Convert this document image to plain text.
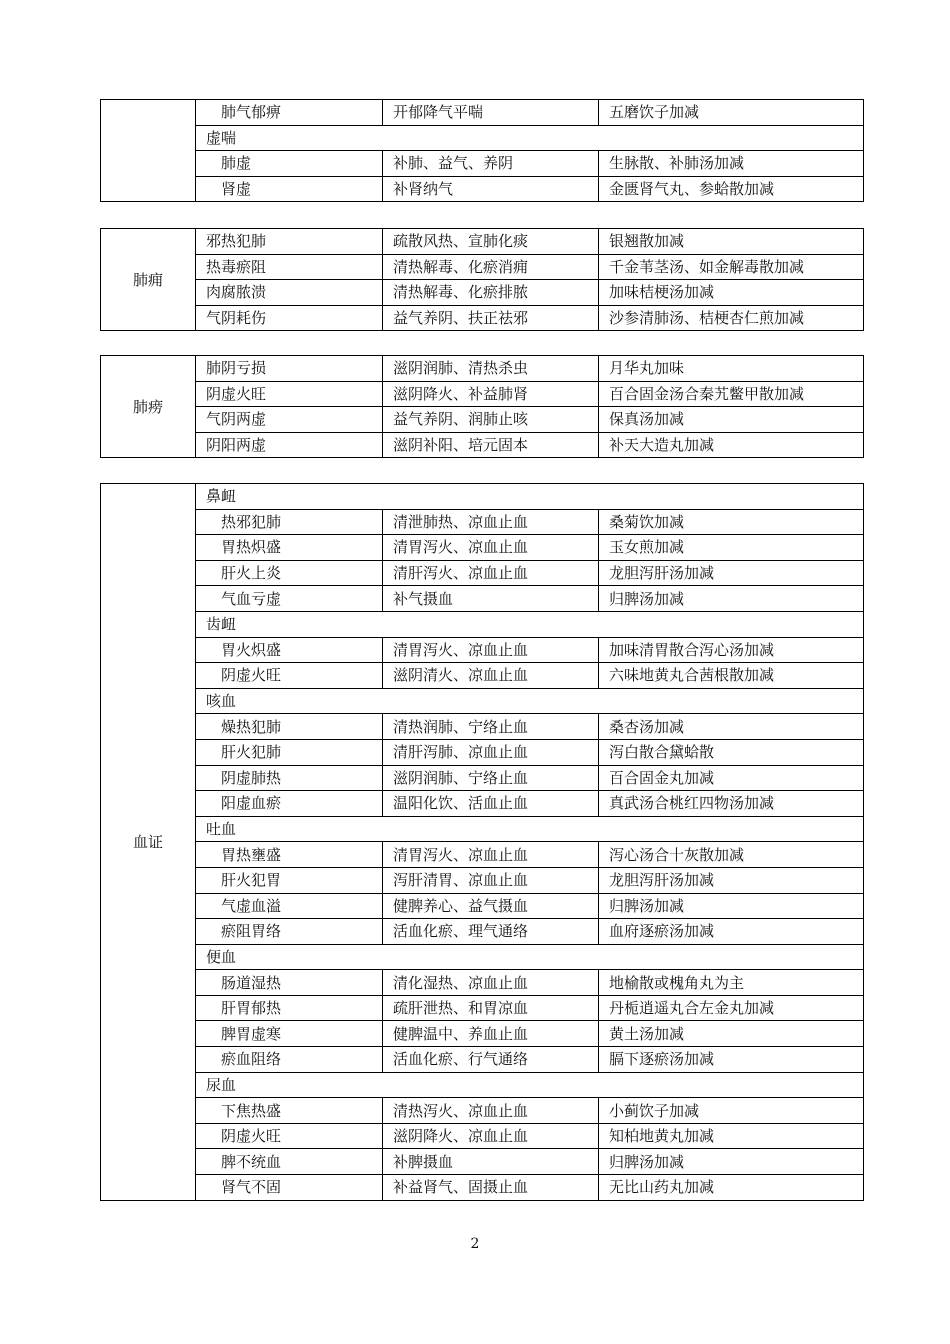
	肺气郁痹	开郁降气平喘	五磨饮子加减
	虚喘		
	肺虚	补肺、益气、养阴	生脉散、补肺汤加减
	肾虚	补肾纳气	金匮肾气丸、参蛤散加减
肺痈	邪热犯肺	疏散风热、宣肺化痰	银翘散加减
	热毒瘀阻	清热解毒、化瘀消痈	千金苇茎汤、如金解毒散加减
	肉腐脓溃	清热解毒、化瘀排脓	加味桔梗汤加减
	气阴耗伤	益气养阴、扶正祛邪	沙参清肺汤、桔梗杏仁煎加减
肺痨	肺阴亏损	滋阴润肺、清热杀虫	月华丸加味
	阴虚火旺	滋阴降火、补益肺肾	百合固金汤合秦艽鳖甲散加减
	气阴两虚	益气养阴、润肺止咳	保真汤加减
	阴阳两虚	滋阴补阳、培元固本	补天大造丸加减
血证	鼻衄		
	热邪犯肺	清泄肺热、凉血止血	桑菊饮加减
	胃热炽盛	清胃泻火、凉血止血	玉女煎加减
	肝火上炎	清肝泻火、凉血止血	龙胆泻肝汤加减
	气血亏虚	补气摄血	归脾汤加减
	齿衄		
	胃火炽盛	清胃泻火、凉血止血	加味清胃散合泻心汤加减
	阴虚火旺	滋阴清火、凉血止血	六味地黄丸合茜根散加减
	咳血		
	燥热犯肺	清热润肺、宁络止血	桑杏汤加减
	肝火犯肺	清肝泻肺、凉血止血	泻白散合黛蛤散
	阴虚肺热	滋阴润肺、宁络止血	百合固金丸加减
	阳虚血瘀	温阳化饮、活血止血	真武汤合桃红四物汤加减
	吐血		
	胃热壅盛	清胃泻火、凉血止血	泻心汤合十灰散加减
	肝火犯胃	泻肝清胃、凉血止血	龙胆泻肝汤加减
	气虚血溢	健脾养心、益气摄血	归脾汤加减
	瘀阻胃络	活血化瘀、理气通络	血府逐瘀汤加减
	便血		
	肠道湿热	清化湿热、凉血止血	地榆散或槐角丸为主
	肝胃郁热	疏肝泄热、和胃凉血	丹栀逍遥丸合左金丸加减
	脾胃虚寒	健脾温中、养血止血	黄土汤加减
	瘀血阻络	活血化瘀、行气通络	膈下逐瘀汤加减
	尿血		
	下焦热盛	清热泻火、凉血止血	小蓟饮子加减
	阴虚火旺	滋阴降火、凉血止血	知柏地黄丸加减
	脾不统血	补脾摄血	归脾汤加减
	肾气不固	补益肾气、固摄止血	无比山药丸加减
2
